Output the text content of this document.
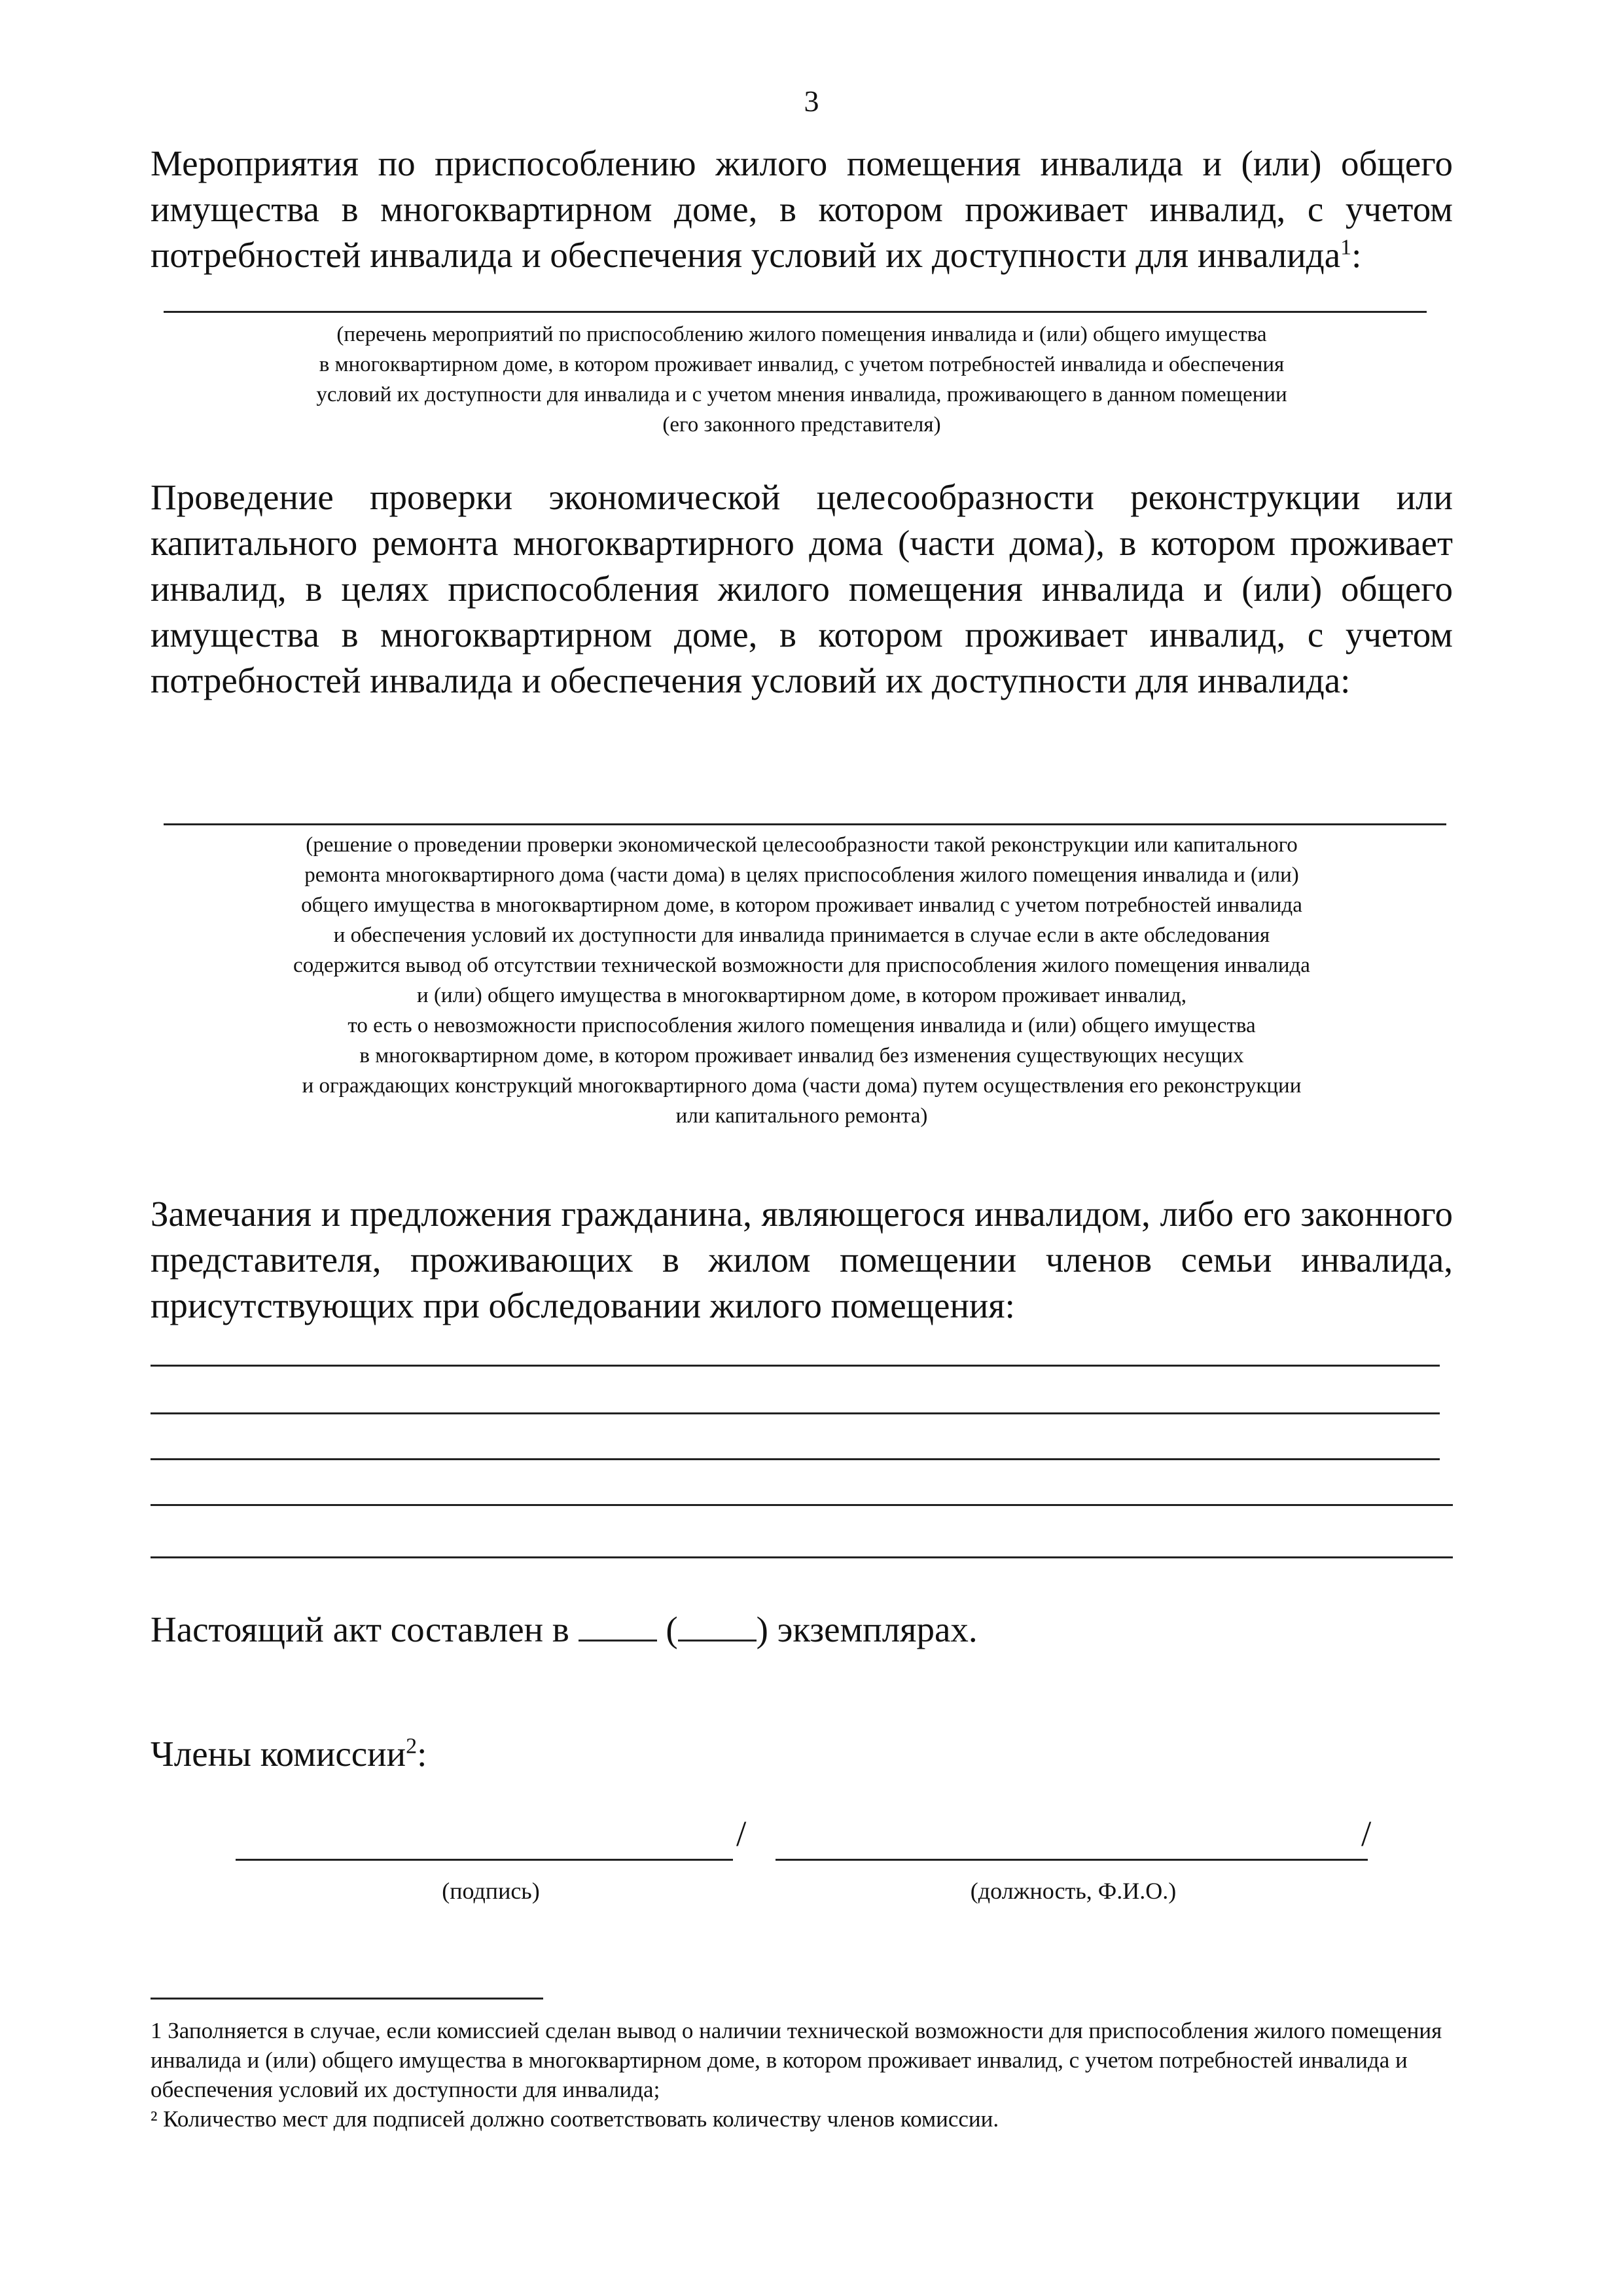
3
Мероприятия по приспособлению жилого помещения инвалида и (или) общего имущества в многоквартирном доме, в котором проживает инвалид, с учетом потребностей инвалида и обеспечения условий их доступности для инвалида$^1$:
(перечень мероприятий по приспособлению жилого помещения инвалида и (или) общего имущества
в многоквартирном доме, в котором проживает инвалид, с учетом потребностей инвалида и обеспечения
условий их доступности для инвалида и с учетом мнения инвалида, проживающего в данном помещении
(его законного представителя)
Проведение проверки экономической целесообразности реконструкции или капитального ремонта многоквартирного дома (части дома), в котором проживает инвалид, в целях приспособления жилого помещения инвалида и (или) общего имущества в многоквартирном доме, в котором проживает инвалид, с учетом потребностей инвалида и обеспечения условий их доступности для инвалида:
(решение о проведении проверки экономической целесообразности такой реконструкции или капитального
ремонта многоквартирного дома (части дома) в целях приспособления жилого помещения инвалида и (или)
общего имущества в многоквартирном доме, в котором проживает инвалид с учетом потребностей инвалида
и обеспечения условий их доступности для инвалида принимается в случае если в акте обследования
содержится вывод об отсутствии технической возможности для приспособления жилого помещения инвалида
и (или) общего имущества в многоквартирном доме, в котором проживает инвалид,
то есть о невозможности приспособления жилого помещения инвалида и (или) общего имущества
в многоквартирном доме, в котором проживает инвалид без изменения существующих несущих
и ограждающих конструкций многоквартирного дома (части дома) путем осуществления его реконструкции
или капитального ремонта)
Замечания и предложения гражданина, являющегося инвалидом, либо его законного представителя, проживающих в жилом помещении членов семьи инвалида, присутствующих при обследовании жилого помещения:
Настоящий акт составлен в	( ) экземплярах.
Члены комиссии$^2$:
/	/
(подпись)	(должность, Ф.И.О.)

1 Заполняется в случае, если комиссией сделан вывод о наличии технической возможности для приспособления жилого помещения инвалида и (или) общего имущества в многоквартирном доме, в котором проживает инвалид, с учетом потребностей инвалида и обеспечения условий их доступности для инвалида;

² Количество мест для подписей должно соответствовать количеству членов комиссии.
